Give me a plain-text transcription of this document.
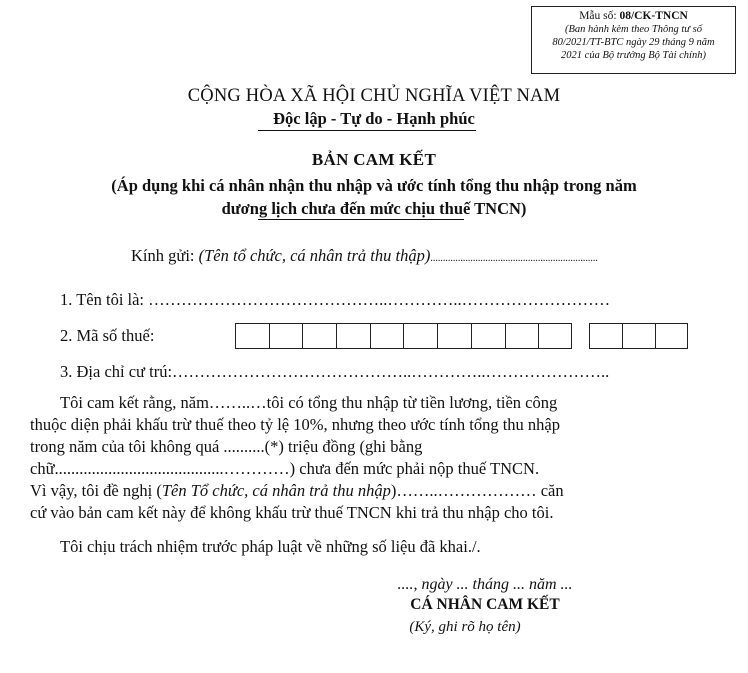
Mẫu số: 08/CK-TNCN
(Ban hành kèm theo Thông tư số
80/2021/TT-BTC ngày 29 tháng 9 năm
2021 của Bộ trưởng Bộ Tài chính)
CỘNG HÒA XÃ HỘI CHỦ NGHĨA VIỆT NAM
Độc lập - Tự do - Hạnh phúc
BẢN CAM KẾT
(Áp dụng khi cá nhân nhận thu nhập và ước tính tổng thu nhập trong năm
dương lịch chưa đến mức chịu thuế TNCN)
Kính gửi: (Tên tổ chức, cá nhân trả thu thập)...................................................................
1. Tên tôi là: ……………………………………..…………..………………………
2. Mã số thuế:
3. Địa chỉ cư trú:……………………………………..…………..…………………..
Tôi cam kết rằng, năm……..…tôi có tổng thu nhập từ tiền lương, tiền công
thuộc diện phải khấu trừ thuế theo tỷ lệ 10%, nhưng theo ước tính tổng thu nhập
trong năm của tôi không quá ..........(*) triệu đồng (ghi bằng
chữ.........................................…………) chưa đến mức phải nộp thuế TNCN.
Vì vậy, tôi đề nghị (Tên Tổ chức, cá nhân trả thu nhập)……..……………… căn
cứ vào bản cam kết này để không khấu trừ thuế TNCN khi trả thu nhập cho tôi.
Tôi chịu trách nhiệm trước pháp luật về những số liệu đã khai./.
...., ngày ... tháng ... năm ...
CÁ NHÂN CAM KẾT
(Ký, ghi rõ họ tên)
